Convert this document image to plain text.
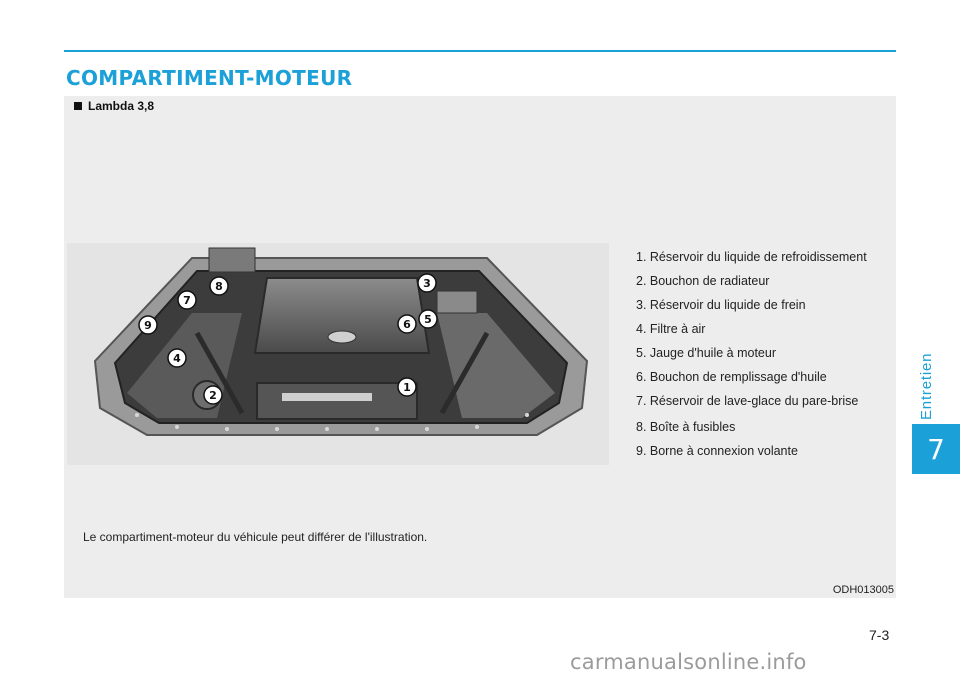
COMPARTIMENT-MOTEUR
Lambda 3,8
1
2
3
4
5
6
7
8
9
1. Réservoir du liquide de refroidissement
2. Bouchon de radiateur
3. Réservoir du liquide de frein
4. Filtre à air
5. Jauge d'huile à moteur
6. Bouchon de remplissage d'huile
7. Réservoir de lave-glace du pare-brise
8. Boîte à fusibles
9. Borne à connexion volante
Le compartiment-moteur du véhicule peut différer de l'illustration.
ODH013005
Entretien
7
7-3
carmanualsonline.info
